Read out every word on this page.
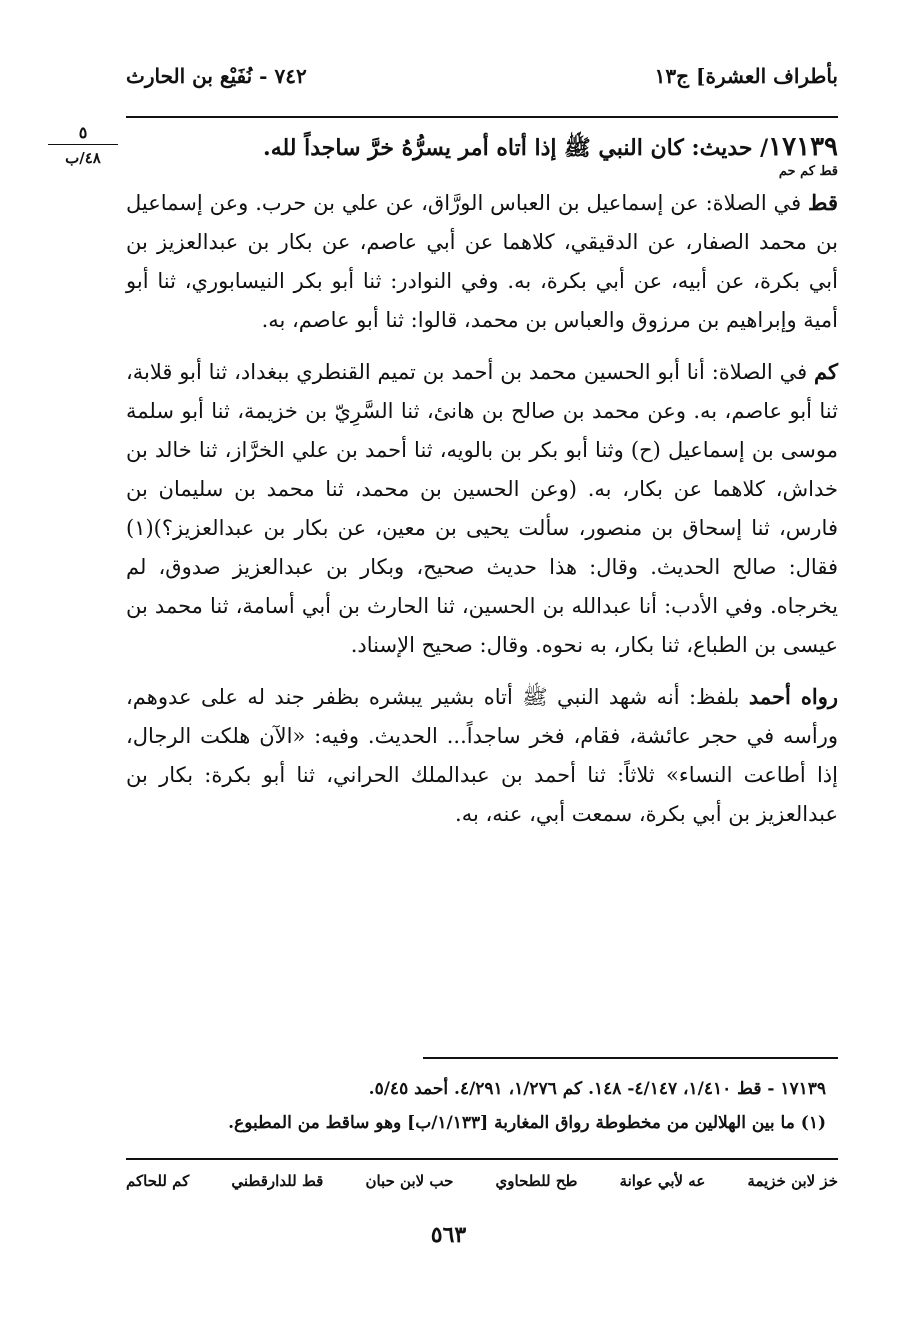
بأطراف العشرة] ج١٣
٧٤٢ - نُفَيْع بن الحارث
٥
٤٨/ب	١٧١٣٩/ حديث: كان النبي ﷺ إذا أتاه أمر يسرُّهُ خرَّ ساجداً لله.

قط كم حم

قط في الصلاة: عن إسماعيل بن العباس الورَّاق، عن علي بن حرب. وعن إسماعيل بن محمد الصفار، عن الدقيقي، كلاهما عن أبي عاصم، عن بكار بن عبدالعزيز بن أبي بكرة، عن أبيه، عن أبي بكرة، به. وفي النوادر: ثنا أبو بكر النيسابوري، ثنا أبو أمية وإبراهيم بن مرزوق والعباس بن محمد، قالوا: ثنا أبو عاصم، به.

كم في الصلاة: أنا أبو الحسين محمد بن أحمد بن تميم القنطري ببغداد، ثنا أبو قلابة، ثنا أبو عاصم، به. وعن محمد بن صالح بن هانئ، ثنا السَّرِيّ بن خزيمة، ثنا أبو سلمة موسى بن إسماعيل (ح) وثنا أبو بكر بن بالويه، ثنا أحمد بن علي الخرَّاز، ثنا خالد بن خداش، كلاهما عن بكار، به. (وعن الحسين بن محمد، ثنا محمد بن سليمان بن فارس، ثنا إسحاق بن منصور، سألت يحيى بن معين، عن بكار بن عبدالعزيز؟)(١) فقال: صالح الحديث. وقال: هذا حديث صحيح، وبكار بن عبدالعزيز صدوق، لم يخرجاه. وفي الأدب: أنا عبدالله بن الحسين، ثنا الحارث بن أبي أسامة، ثنا محمد بن عيسى بن الطباع، ثنا بكار، به نحوه. وقال: صحيح الإسناد.

رواه أحمد بلفظ: أنه شهد النبي ﷺ أتاه بشير يبشره بظفر جند له على عدوهم، ورأسه في حجر عائشة، فقام، فخر ساجداً... الحديث. وفيه: «الآن هلكت الرجال، إذا أطاعت النساء» ثلاثاً: ثنا أحمد بن عبدالملك الحراني، ثنا أبو بكرة: بكار بن عبدالعزيز بن أبي بكرة، سمعت أبي، عنه، به.

١٧١٣٩ - قط ١/٤١٠، ٤/١٤٧- ١٤٨. كم ١/٢٧٦، ٤/٢٩١. أحمد ٥/٤٥.

(١) ما بين الهلالين من مخطوطة رواق المغاربة [١/١٣٣/ب] وهو ساقط من المطبوع.

خز لابن خزيمة
عه لأبي عوانة
طح للطحاوي
حب لابن حبان
قط للدارقطني
كم للحاكم
٥٦٣
